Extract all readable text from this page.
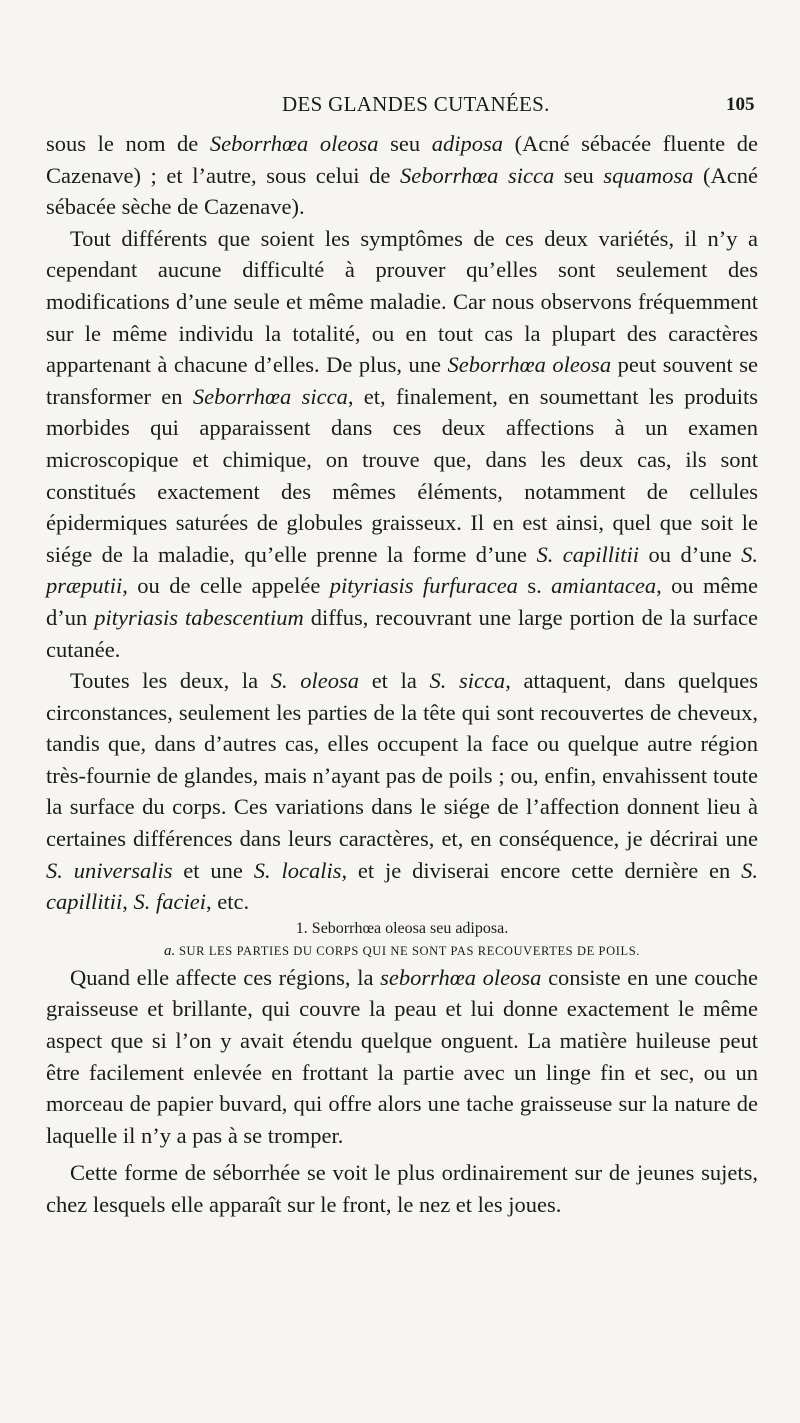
DES GLANDES CUTANÉES.	105

sous le nom de Seborrhœa oleosa seu adiposa (Acné sébacée fluente de Cazenave) ; et l’autre, sous celui de Seborrhœa sicca seu squamosa (Acné sébacée sèche de Cazenave).

Tout différents que soient les symptômes de ces deux variétés, il n’y a cependant aucune difficulté à prouver qu’elles sont seulement des modifications d’une seule et même maladie. Car nous observons fréquemment sur le même individu la totalité, ou en tout cas la plupart des caractères appartenant à chacune d’elles. De plus, une Seborrhœa oleosa peut souvent se transformer en Seborrhœa sicca, et, finalement, en soumettant les produits morbides qui apparaissent dans ces deux affections à un examen microscopique et chimique, on trouve que, dans les deux cas, ils sont constitués exactement des mêmes éléments, notamment de cellules épidermiques saturées de globules graisseux. Il en est ainsi, quel que soit le siége de la maladie, qu’elle prenne la forme d’une S. capillitii ou d’une S. præputii, ou de celle appelée pityriasis furfuracea s. amiantacea, ou même d’un pityriasis tabescentium diffus, recouvrant une large portion de la surface cutanée.

Toutes les deux, la S. oleosa et la S. sicca, attaquent, dans quelques circonstances, seulement les parties de la tête qui sont recouvertes de cheveux, tandis que, dans d’autres cas, elles occupent la face ou quelque autre région très-fournie de glandes, mais n’ayant pas de poils ; ou, enfin, envahissent toute la surface du corps. Ces variations dans le siége de l’affection donnent lieu à certaines différences dans leurs caractères, et, en conséquence, je décrirai une S. universalis et une S. localis, et je diviserai encore cette dernière en S. capillitii, S. faciei, etc.

1. Seborrhœa oleosa seu adiposa.

a. SUR LES PARTIES DU CORPS QUI NE SONT PAS RECOUVERTES DE POILS.

Quand elle affecte ces régions, la seborrhœa oleosa consiste en une couche graisseuse et brillante, qui couvre la peau et lui donne exactement le même aspect que si l’on y avait étendu quelque onguent. La matière huileuse peut être facilement enlevée en frottant la partie avec un linge fin et sec, ou un morceau de papier buvard, qui offre alors une tache graisseuse sur la nature de laquelle il n’y a pas à se tromper.

Cette forme de séborrhée se voit le plus ordinairement sur de jeunes sujets, chez lesquels elle apparaît sur le front, le nez et les joues.
